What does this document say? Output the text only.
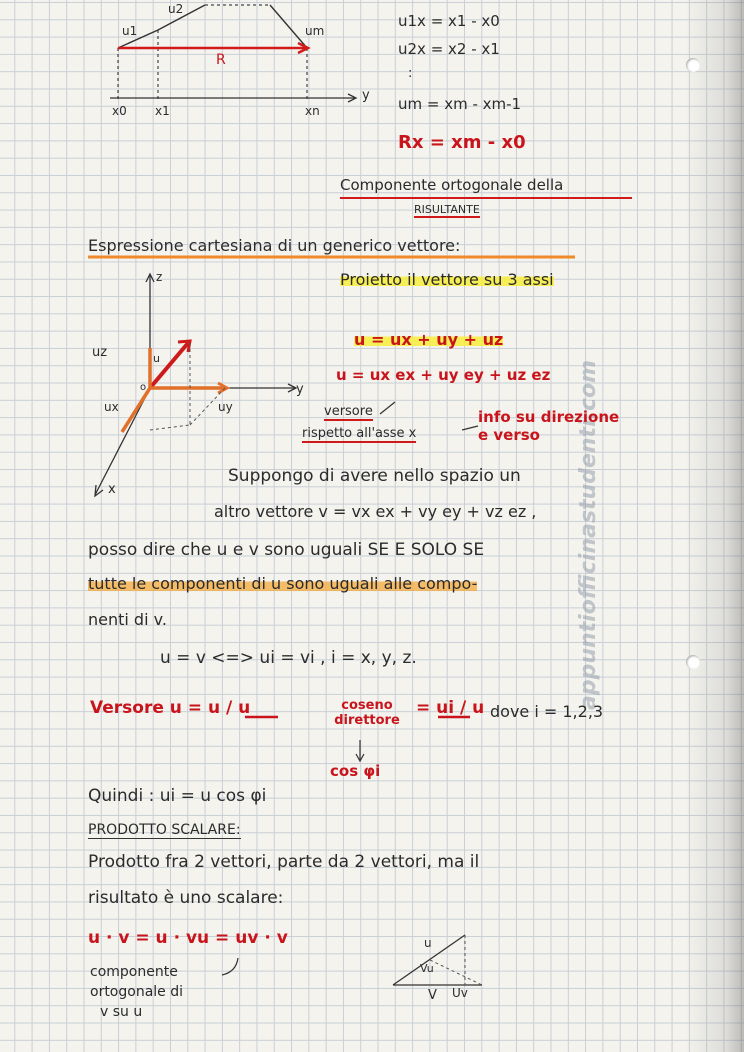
appuntiofficinastudenti.com
u1
u2
um
R
x0 x1	xn
y
u1x = x1 - x0
u2x = x2 - x1
:
um = xm - xm-1
Rx = xm - x0
Componente ortogonale della
RISULTANTE
Espressione cartesiana di un generico vettore:
Proietto il vettore su 3 assi
z
y
x
o
uz
ux	uy
u
u = ux + uy + uz
u = ux ex + uy ey + uz ez
versore
rispetto all'asse x
info su direzione e verso
Suppongo di avere nello spazio un
altro vettore v = vx ex + vy ey + vz ez ,
posso dire che u e v sono uguali SE E SOLO SE
tutte le componenti di u sono uguali alle compo-
nenti di v.
u = v <=> ui = vi , i = x, y, z.
Versore u = u / u	coseno direttore
= ui / u dove i = 1,2,3
cos φi
Quindi : ui = u cos φi
PRODOTTO SCALARE:
Prodotto fra 2 vettori, parte da 2 vettori, ma il
risultato è uno scalare:
u · v = u · vu = uv · v
componente
ortogonale di
v su u
u
Vu
V Uv
